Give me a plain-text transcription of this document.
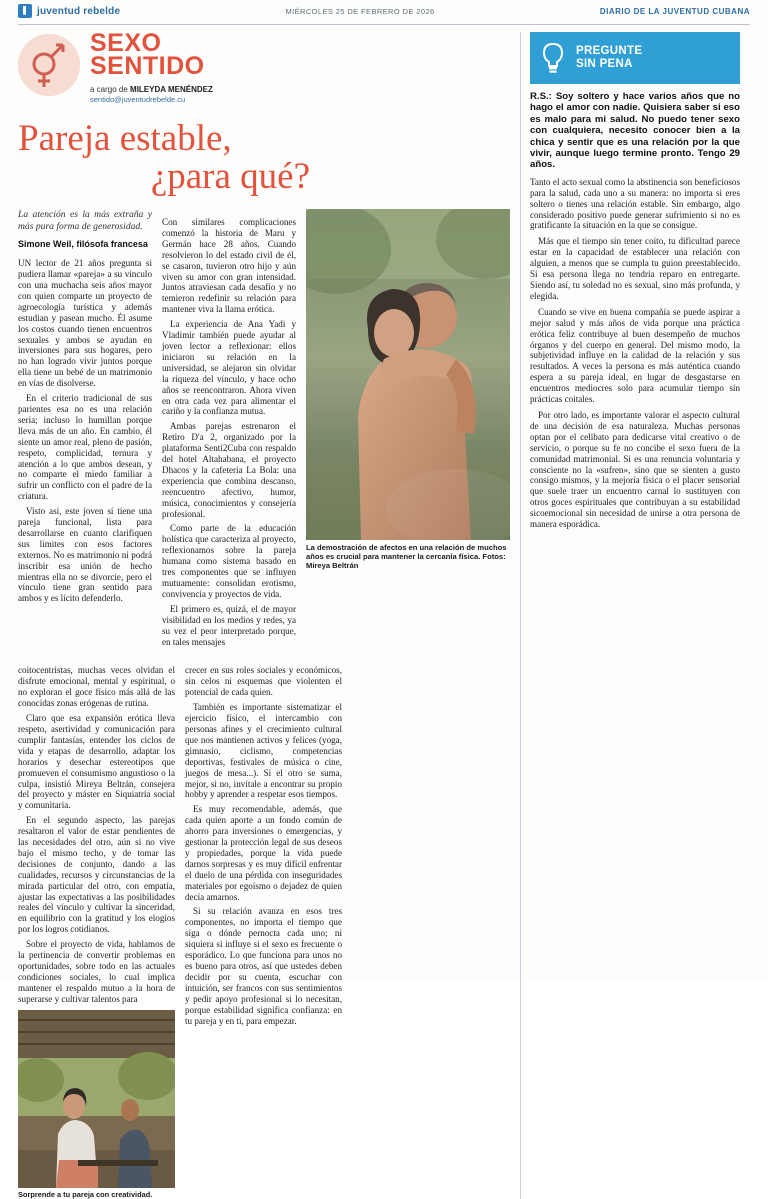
juventud rebelde	MIÉRCOLES 25 DE FEBRERO DE 2026	DIARIO DE LA JUVENTUD CUBANA
SEXO
SENTIDO
a cargo de MILEYDA MENÉNDEZ
sentido@juventudrebelde.cu
Pareja estable,
¿para qué?
La atención es la más extraña y más pura forma de generosidad.
Simone Weil, filósofa francesa

UN lector de 21 años pregunta si pudiera llamar «pareja» a su vínculo con una muchacha seis años mayor con quien comparte un proyecto de agroecología turística y además estudian y pasean mucho. Él asume los costos cuando tienen encuentros sexuales y ambos se ayudan en inversiones para sus hogares, pero no han logrado vivir juntos porque ella tiene un bebé de un matrimonio en vías de disolverse.

En el criterio tradicional de sus parientes esa no es una relación seria; incluso lo humillan porque lleva más de un año. En cambio, él siente un amor real, pleno de pasión, respeto, complicidad, ternura y atención a lo que ambos desean, y no comparte el miedo familiar a sufrir un conflicto con el padre de la criatura.

Visto así, este joven sí tiene una pareja funcional, lista para desarrollarse en cuanto clarifiquen sus límites con esos factores externos. No es matrimonio ni podrá inscribir esa unión de hecho mientras ella no se divorcie, pero el vínculo tiene gran sentido para ambos y es lícito defenderlo.

Con similares complicaciones comenzó la historia de Maru y Germán hace 28 años. Cuando resolvieron lo del estado civil de él, se casaron, tuvieron otro hijo y aún viven su amor con gran intensidad. Juntos atraviesan cada desafío y no temieron redefinir su relación para mantener viva la llama erótica.

La experiencia de Ana Yadi y Vladimir también puede ayudar al joven lector a reflexionar: ellos iniciaron su relación en la universidad, se alejaron sin olvidar la riqueza del vínculo, y hace ocho años se reencontraron. Ahora viven en otra cada vez para alimentar el cariño y la confianza mutua.

Ambas parejas estrenaron el Retiro D'a 2, organizado por la plataforma Senti2Cuba con respaldo del hotel Altahabana, el proyecto Dhacos y la cafetería La Bola: una experiencia que combina descanso, reencuentro afectivo, humor, música, conocimientos y consejería profesional.

Como parte de la educación holística que caracteriza al proyecto, reflexionamos sobre la pareja humana como sistema basado en tres componentes que se influyen mutuamente: consolidan erotismo, convivencia y proyectos de vida.

El primero es, quizá, el de mayor visibilidad en los medios y redes, ya su vez el peor interpretado porque, en tales mensajes

La demostración de afectos en una relación de muchos años es crucial para mantener la cercanía física. Fotos: Mireya Beltrán

coitocentristas, muchas veces olvidan el disfrute emocional, mental y espiritual, o no exploran el goce físico más allá de las conocidas zonas erógenas de rutina.

Claro que esa expansión erótica lleva respeto, asertividad y comunicación para cumplir fantasías, entender los ciclos de vida y etapas de desarrollo, adaptar los horarios y desechar estereotipos que promueven el consumismo angustioso o la culpa, insistió Mireya Beltrán, consejera del proyecto y máster en Siquiatría social y comunitaria.

En el segundo aspecto, las parejas resaltaron el valor de estar pendientes de las necesidades del otro, aún si no vive bajo el mismo techo, y de tomar las decisiones de conjunto, dando a las cualidades, recursos y circunstancias de la mirada particular del otro, con empatía, ajustar las expectativas a las posibilidades reales del vínculo y cultivar la sinceridad, en equilibrio con la gratitud y los elogios por los logros cotidianos.

Sobre el proyecto de vida, hablamos de la pertinencia de convertir problemas en oportunidades, sobre todo en las actuales condiciones sociales, lo cual implica mantener el respaldo mutuo a la hora de superarse y cultivar talentos para

Sorprende a tu pareja con creatividad.

crecer en sus roles sociales y económicos, sin celos ni esquemas que violenten el potencial de cada quien.

También es importante sistematizar el ejercicio físico, el intercambio con personas afines y el crecimiento cultural que nos mantienen activos y felices (yoga, gimnasio, ciclismo, competencias deportivas, festivales de música o cine, juegos de mesa...). Si el otro se suma, mejor, si no, invítale a encontrar su propio hobby y aprender a respetar esos tiempos.

Es muy recomendable, además, que cada quien aporte a un fondo común de ahorro para inversiones o emergencias, y gestionar la protección legal de sus deseos y propiedades, porque la vida puede darnos sorpresas y es muy difícil enfrentar el duelo de una pérdida con inseguridades materiales por egoísmo o dejadez de quien decía amarnos.

Si su relación avanza en esos tres componentes, no importa el tiempo que siga o dónde pernocta cada uno; ni siquiera si influye si el sexo es frecuente o esporádico. Lo que funciona para unos no es bueno para otros, así que ustedes deben decidir por su cuenta, escuchar con intuición, ser francos con sus sentimientos y pedir apoyo profesional si lo necesitan, porque estabilidad significa confianza: en tu pareja y en ti, para empezar.

PREGUNTE
SIN PENA

R.S.: Soy soltero y hace varios años que no hago el amor con nadie. Quisiera saber si eso es malo para mi salud. No puedo tener sexo con cualquiera, necesito conocer bien a la chica y sentir que es una relación por la que vivir, aunque luego termine pronto. Tengo 29 años.

Tanto el acto sexual como la abstinencia son beneficiosos para la salud, cada uno a su manera: no importa si eres soltero o tienes una relación estable. Sin embargo, algo considerado positivo puede generar sufrimiento si no es gratificante la situación en la que se consigue.

Más que el tiempo sin tener coito, tu dificultad parece estar en la capacidad de establecer una relación con alguien, a menos que se cumpla tu guion preestablecido. Si esa persona llega no tendría reparo en entregarte. Siendo así, tu soledad no es sexual, sino más profunda, y elegida.

Cuando se vive en buena compañía se puede aspirar a mejor salud y más años de vida porque una práctica erótica feliz contribuye al buen desempeño de muchos órganos y del cuerpo en general. Del mismo modo, la subjetividad influye en la calidad de la relación y sus resultados. A veces la persona es más auténtica cuando espera a su pareja ideal, en lugar de desgastarse en encuentros mediocres solo para acumular tiempo sin prácticas coitales.

Por otro lado, es importante valorar el aspecto cultural de una decisión de esa naturaleza. Muchas personas optan por el celibato para dedicarse vital creativo o de servicio, o porque su fe no concibe el sexo fuera de la comunidad matrimonial. Si es una renuncia voluntaria y consciente no la «sufren», sino que se sienten a gusto consigo mismos, y la mejoría física o el placer sensorial que suele traer un encuentro carnal lo sustituyen con otros goces espirituales que contribuyan a su estabilidad sicoemocional sin necesidad de unirse a otra persona de manera esporádica.
